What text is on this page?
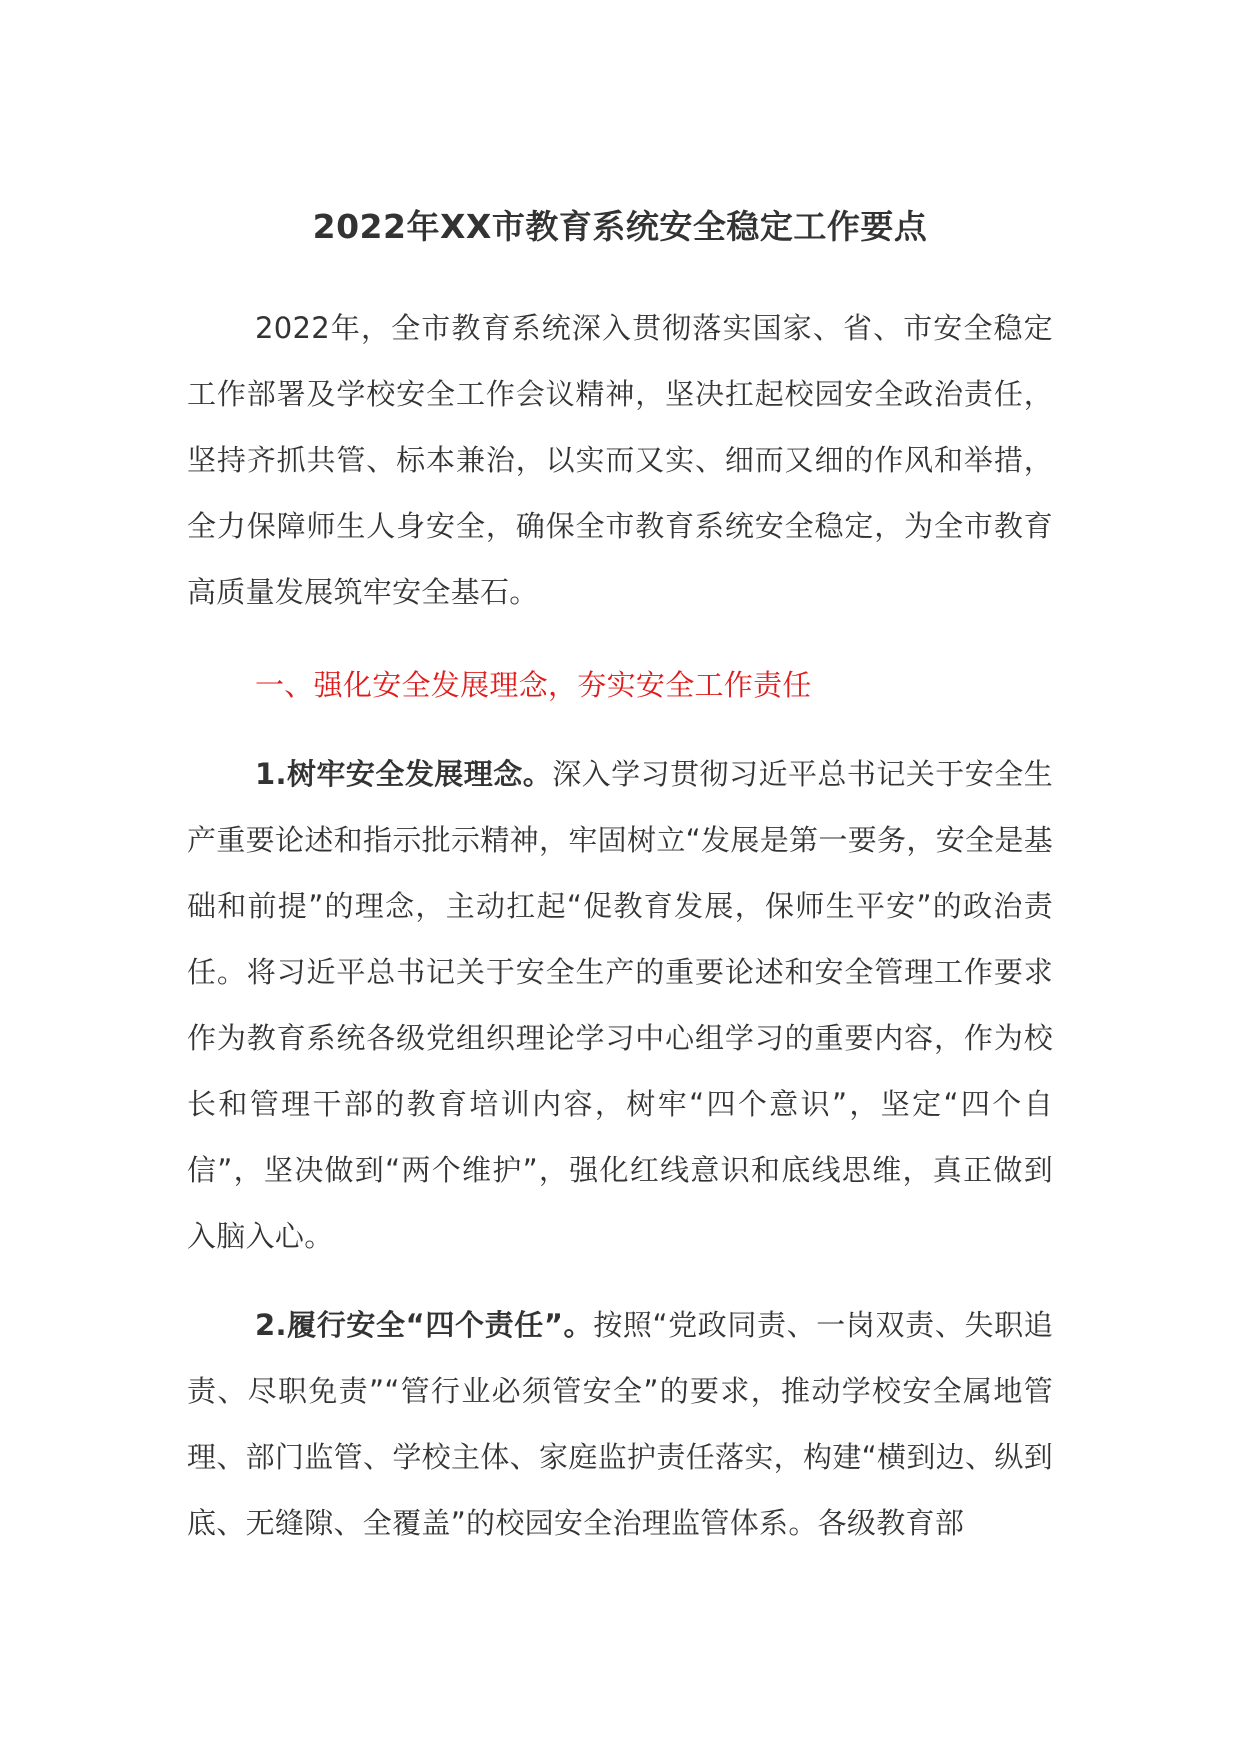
2022年XX市教育系统安全稳定工作要点
2022年，全市教育系统深入贯彻落实国家、省、市安全稳定工作部署及学校安全工作会议精神，坚决扛起校园安全政治责任，坚持齐抓共管、标本兼治，以实而又实、细而又细的作风和举措，全力保障师生人身安全，确保全市教育系统安全稳定，为全市教育高质量发展筑牢安全基石。
一、强化安全发展理念，夯实安全工作责任
1.树牢安全发展理念。深入学习贯彻习近平总书记关于安全生产重要论述和指示批示精神，牢固树立“发展是第一要务，安全是基础和前提”的理念，主动扛起“促教育发展，保师生平安”的政治责任。将习近平总书记关于安全生产的重要论述和安全管理工作要求作为教育系统各级党组织理论学习中心组学习的重要内容，作为校长和管理干部的教育培训内容，树牢“四个意识”，坚定“四个自信”，坚决做到“两个维护”，强化红线意识和底线思维，真正做到入脑入心。
2.履行安全“四个责任”。按照“党政同责、一岗双责、失职追责、尽职免责”“管行业必须管安全”的要求，推动学校安全属地管理、部门监管、学校主体、家庭监护责任落实，构建“横到边、纵到底、无缝隙、全覆盖”的校园安全治理监管体系。各级教育部
